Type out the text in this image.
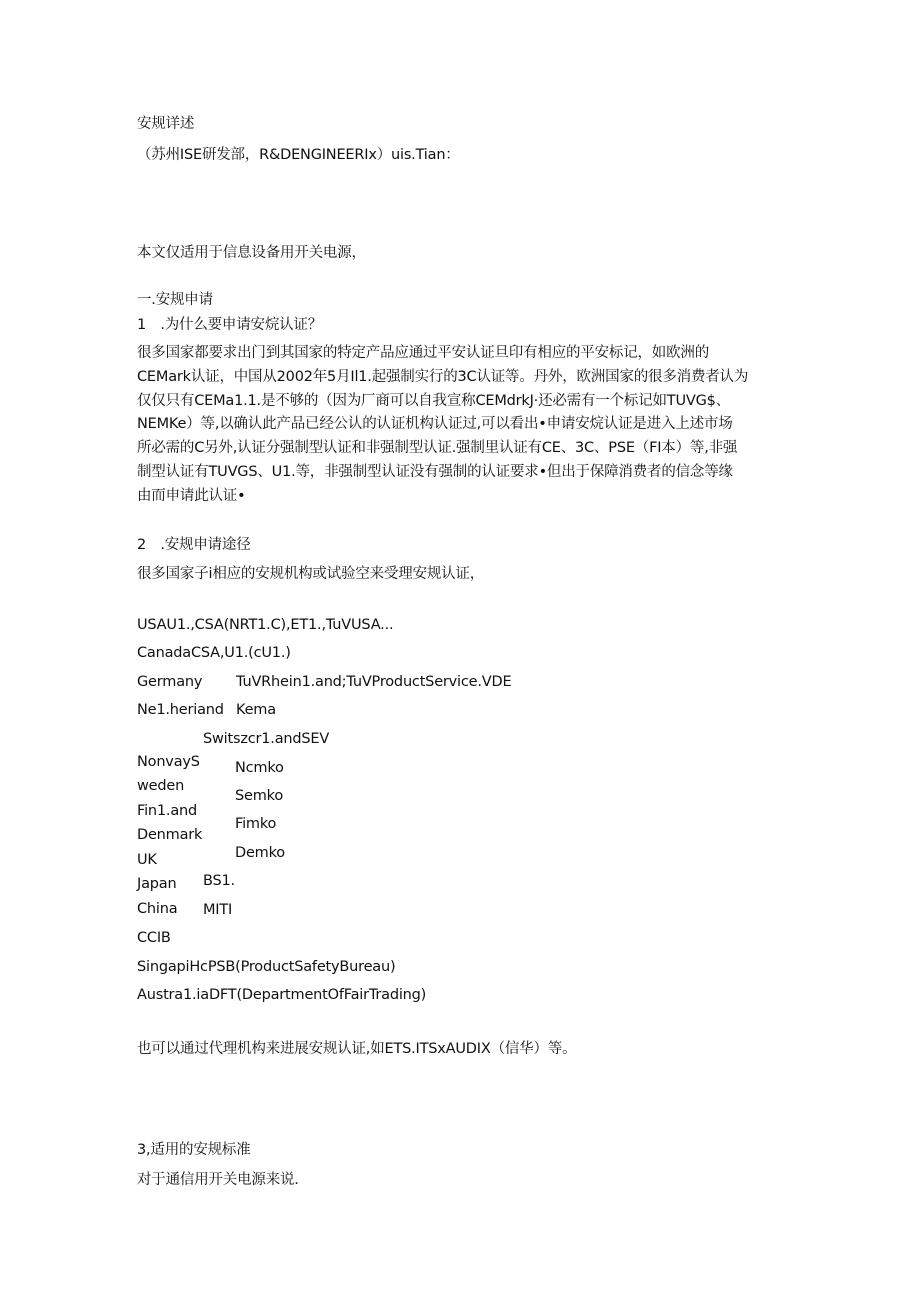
安规详述
（苏州ISE研发部，R&DENGINEERIx）uis.Tian：
本文仅适用于信息设备用开关电源，
一.安规申请
1　.为什么要申请安烷认证？
很多国家都要求出门到其国家的特定产品应通过平安认证旦印有相应的平安标记，如欧洲的
CEMark认证，中国从2002年5月Il1.起强制实行的3C认证等。丹外，欧洲国家的很多消费者认为
仅仅只有CEMa1.1.是不够的（因为厂商可以自我宣称CEMdrkJ·还必需有一个标记如TUVG$、
NEMKe）等,以确认此产品已经公认的认证机构认证过,可以看出•申请安烷认证是进入上述市场
所必需的C另外,认证分强制型认证和非强制型认证.强制里认证有CE、3C、PSE（FI本）等,非强
制型认证有TUVGS、U1.等，非强制型认证没有强制的认证要求•但出于保障消费者的信念等缘
由而申请此认证•
2　.安规申请途径
很多国家子i相应的安规机构或试验空来受理安规认证，
USAU1.,CSA(NRT1.C),ET1.,TuVUSA...
CanadaCSA,U1.(cU1.)
Germany TuVRhein1.and;TuVProductService.VDE
Ne1.heriand Kema
Switszcr1.andSEV
NonvayS
weden
Ncmko
Fin1.and
Semko
Denmark
Fimko
UK	Demko
Japan BS1.
China MITI
CCIB
SingapiHcPSB(ProductSafetyBureau)
Austra1.iaDFT(DepartmentOfFairTrading)
也可以通过代理机构来进展安规认证,如ETS.ITSxAUDIX（信华）等。
3,适用的安规标准
对于通信用开关电源来说.
